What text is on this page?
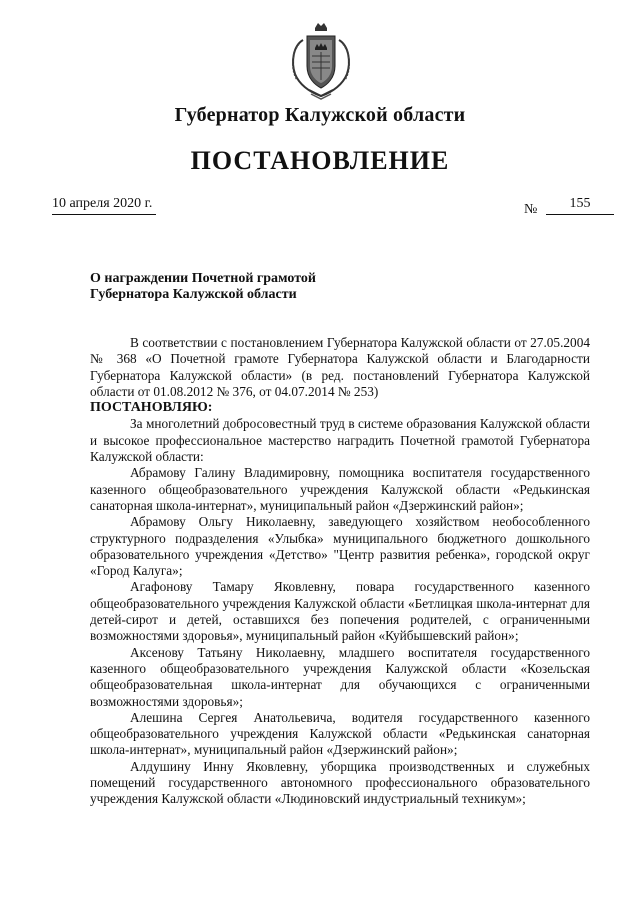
Губернатор Калужской области
ПОСТАНОВЛЕНИЕ
10 апреля 2020 г.	№	155
О награждении Почетной грамотой
Губернатора Калужской области

В соответствии с постановлением Губернатора Калужской области от 27.05.2004 № 368 «О Почетной грамоте Губернатора Калужской области и Благодарности Губернатора Калужской области» (в ред. постановлений Губернатора Калужской области от 01.08.2012 № 376, от 04.07.2014 № 253)

ПОСТАНОВЛЯЮ:

За многолетний добросовестный труд в системе образования Калужской области и высокое профессиональное мастерство наградить Почетной грамотой Губернатора Калужской области:

Абрамову Галину Владимировну, помощника воспитателя государственного казенного общеобразовательного учреждения Калужской области «Редькинская санаторная школа-интернат», муниципальный район «Дзержинский район»;

Абрамову Ольгу Николаевну, заведующего хозяйством необособленного структурного подразделения «Улыбка» муниципального бюджетного дошкольного образовательного учреждения «Детство» "Центр развития ребенка», городской округ «Город Калуга»;

Агафонову Тамару Яковлевну, повара государственного казенного общеобразовательного учреждения Калужской области «Бетлицкая школа-интернат для детей-сирот и детей, оставшихся без попечения родителей, с ограниченными возможностями здоровья», муниципальный район «Куйбышевский район»;

Аксенову Татьяну Николаевну, младшего воспитателя государственного казенного общеобразовательного учреждения Калужской области «Козельская общеобразовательная школа-интернат для обучающихся с ограниченными возможностями здоровья»;

Алешина Сергея Анатольевича, водителя государственного казенного общеобразовательного учреждения Калужской области «Редькинская санаторная школа-интернат», муниципальный район «Дзержинский район»;

Алдушину Инну Яковлевну, уборщика производственных и служебных помещений государственного автономного профессионального образовательного учреждения Калужской области «Людиновский индустриальный техникум»;
